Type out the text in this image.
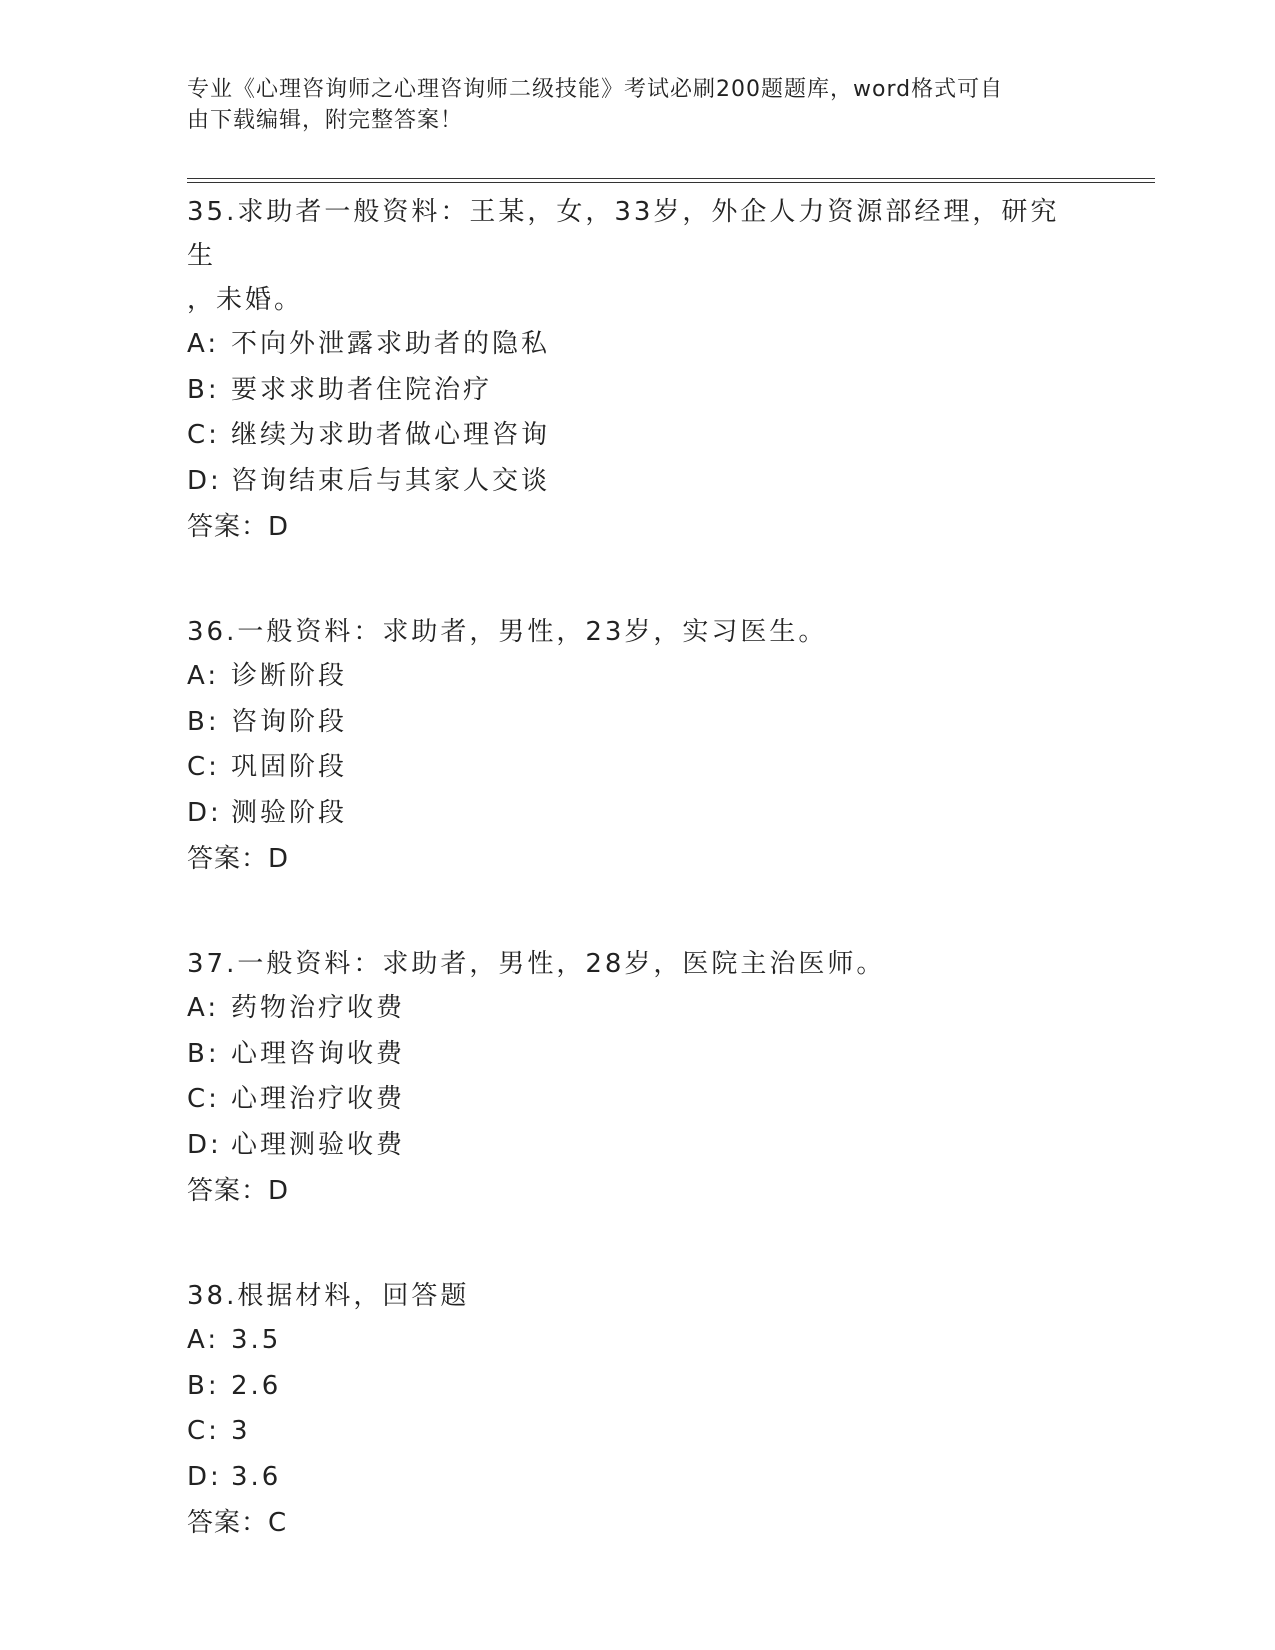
专业《心理咨询师之心理咨询师二级技能》考试必刷200题题库，word格式可自
由下载编辑，附完整答案！
35.求助者一般资料：王某，女，33岁，外企人力资源部经理，研究生
，未婚。
A: 不向外泄露求助者的隐私
B: 要求求助者住院治疗
C: 继续为求助者做心理咨询
D: 咨询结束后与其家人交谈
答案：D
36.一般资料：求助者，男性，23岁，实习医生。
A: 诊断阶段
B: 咨询阶段
C: 巩固阶段
D: 测验阶段
答案：D
37.一般资料：求助者，男性，28岁，医院主治医师。
A: 药物治疗收费
B: 心理咨询收费
C: 心理治疗收费
D: 心理测验收费
答案：D
38.根据材料，回答题
A: 3.5
B: 2.6
C: 3
D: 3.6
答案：C
